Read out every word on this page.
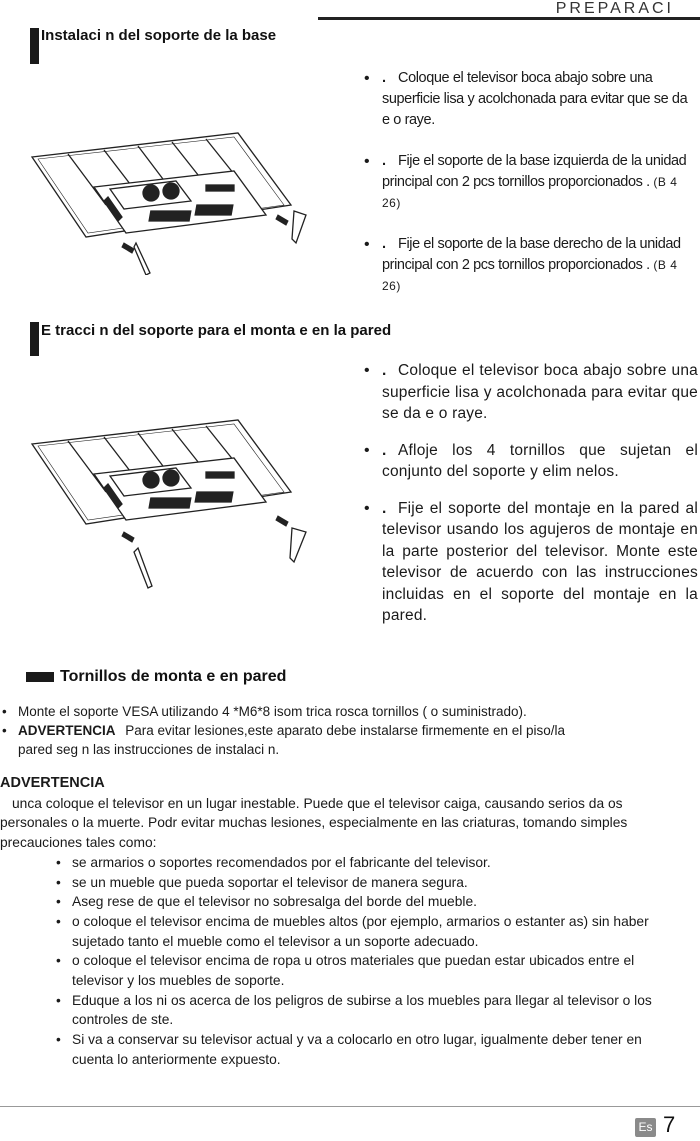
PREPARACI
Instalaci n del soporte de la base
• . Coloque el televisor boca abajo sobre una superficie lisa y acolchonada para evitar que se da e o raye.
• . Fije el soporte de la base izquierda de la unidad principal con 2 pcs tornillos proporcionados . (B 4 26)
• . Fije el soporte de la base derecho de la unidad principal con 2 pcs tornillos proporcionados . (B 4 26)
E tracci n del soporte para el monta e en la pared
• . Coloque el televisor boca abajo sobre una superficie lisa y acolchonada para evitar que se da e o raye.
• . Afloje los 4 tornillos que sujetan el conjunto del soporte y elim nelos.
• . Fije el soporte del montaje en la pared al televisor usando los agujeros de montaje en la parte posterior del televisor. Monte este televisor de acuerdo con las instrucciones incluidas en el soporte del montaje en la pared.
Tornillos de monta e en pared
• Monte el soporte VESA utilizando 4 *M6*8 isom trica rosca tornillos ( o suministrado).
• ADVERTENCIA Para evitar lesiones,este aparato debe instalarse firmemente en el piso/la
pared seg n las instrucciones de instalaci n.
ADVERTENCIA
unca coloque el televisor en un lugar inestable. Puede que el televisor caiga, causando serios da os personales o la muerte. Podr evitar muchas lesiones, especialmente en las criaturas, tomando simples precauciones tales como:
• se armarios o soportes recomendados por el fabricante del televisor.
• se un mueble que pueda soportar el televisor de manera segura.
• Aseg rese de que el televisor no sobresalga del borde del mueble.
• o coloque el televisor encima de muebles altos (por ejemplo, armarios o estanter as) sin haber sujetado tanto el mueble como el televisor a un soporte adecuado.
• o coloque el televisor encima de ropa u otros materiales que puedan estar ubicados entre el televisor y los muebles de soporte.
• Eduque a los ni os acerca de los peligros de subirse a los muebles para llegar al televisor o los controles de ste.
• Si va a conservar su televisor actual y va a colocarlo en otro lugar, igualmente deber tener en cuenta lo anteriormente expuesto.
Es 7
